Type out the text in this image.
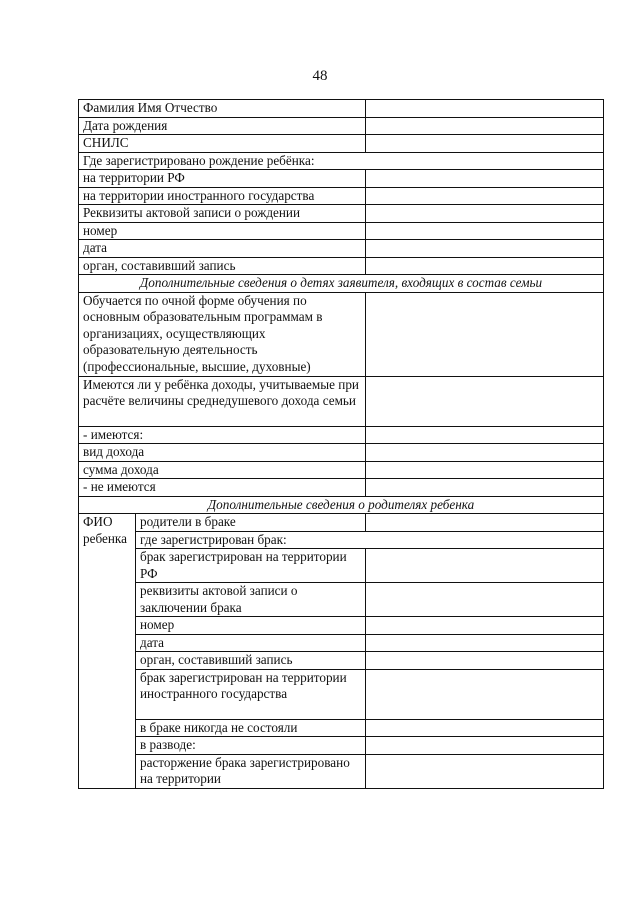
48
Фамилия Имя Отчество		
Дата рождения		
СНИЛС		
Где зарегистрировано рождение ребёнка:		
на территории РФ		
на территории иностранного государства		
Реквизиты актовой записи о рождении		
номер		
дата		
орган, составивший запись		
Дополнительные сведения о детях заявителя, входящих в состав семьи		
Обучается по очной форме обучения по основным образовательным программам в организациях, осуществляющих образовательную деятельность (профессиональные, высшие, духовные)		
Имеются ли у ребёнка доходы, учитываемые при расчёте величины среднедушевого дохода семьи		
- имеются:		
вид дохода		
сумма дохода		
- не имеются		
Дополнительные сведения о родителях ребенка		
ФИО ребенка	родители в браке	
	где зарегистрирован брак:	
	брак зарегистрирован на территории РФ	
	реквизиты актовой записи о заключении брака	
	номер	
	дата	
	орган, составивший запись	
	брак зарегистрирован на территории иностранного государства	
	в браке никогда не состояли	
	в разводе:	
	расторжение брака зарегистрировано на территории	
